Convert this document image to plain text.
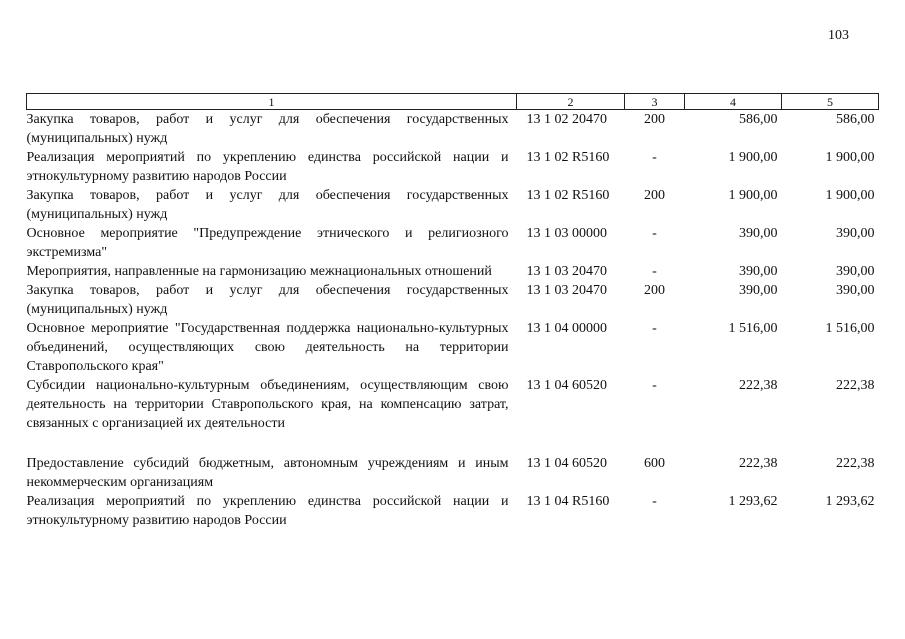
103
1	2	3	4	5
Закупка товаров, работ и услуг для обеспечения государственных (муниципальных) нужд	13 1 02 20470	200	586,00	586,00
Реализация мероприятий по укреплению единства российской нации и этнокультурному развитию народов России	13 1 02 R5160	-	1 900,00	1 900,00
Закупка товаров, работ и услуг для обеспечения государственных (муниципальных) нужд	13 1 02 R5160	200	1 900,00	1 900,00
Основное мероприятие "Предупреждение этнического и религиозного экстремизма"	13 1 03 00000	-	390,00	390,00
Мероприятия, направленные на гармонизацию межнациональных отношений	13 1 03 20470	-	390,00	390,00
Закупка товаров, работ и услуг для обеспечения государственных (муниципальных) нужд	13 1 03 20470	200	390,00	390,00
Основное мероприятие "Государственная поддержка национально-культурных объединений, осуществляющих свою деятельность на территории Ставропольского края"	13 1 04 00000	-	1 516,00	1 516,00
Субсидии национально-культурным объединениям, осуществляющим свою деятельность на территории Ставропольского края, на компенсацию затрат, связанных с организацией их деятельности	13 1 04 60520	-	222,38	222,38
Предоставление субсидий бюджетным, автономным учреждениям и иным некоммерческим организациям	13 1 04 60520	600	222,38	222,38
Реализация мероприятий по укреплению единства российской нации и этнокультурному развитию народов России	13 1 04 R5160	-	1 293,62	1 293,62
